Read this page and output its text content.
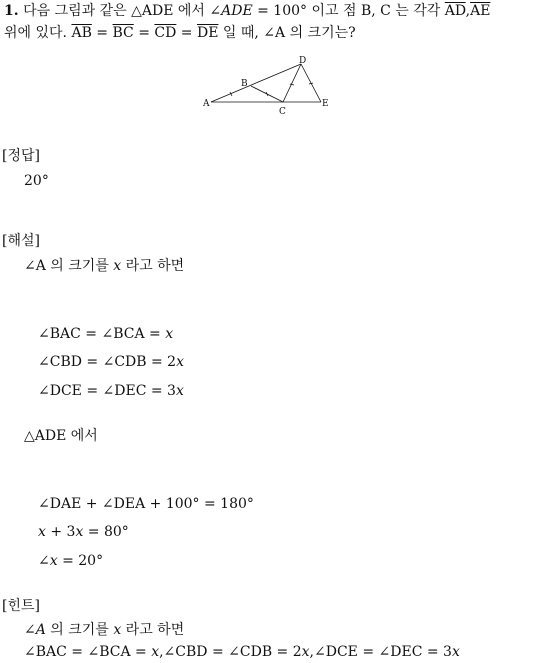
1. 다음 그림과 같은 △ADE 에서 ∠ADE = 100° 이고 점 B, C 는 각각 $\overline{AD},\overline{AE}$
위에 있다. $\overline{AB} = \overline{BC} = \overline{CD} = \overline{DE}$ 일 때, ∠A 의 크기는?
A
B
C
D
E
[정답]
20°
[해설]
∠A 의 크기를 x 라고 하면
∠BAC = ∠BCA = x
∠CBD = ∠CDB = 2x
∠DCE = ∠DEC = 3x
△ADE 에서
∠DAE + ∠DEA + 100° = 180°
x + 3x = 80°
∠x = 20°
[힌트]
∠A 의 크기를 x 라고 하면
∠BAC = ∠BCA = x,∠CBD = ∠CDB = 2x,∠DCE = ∠DEC = 3x
